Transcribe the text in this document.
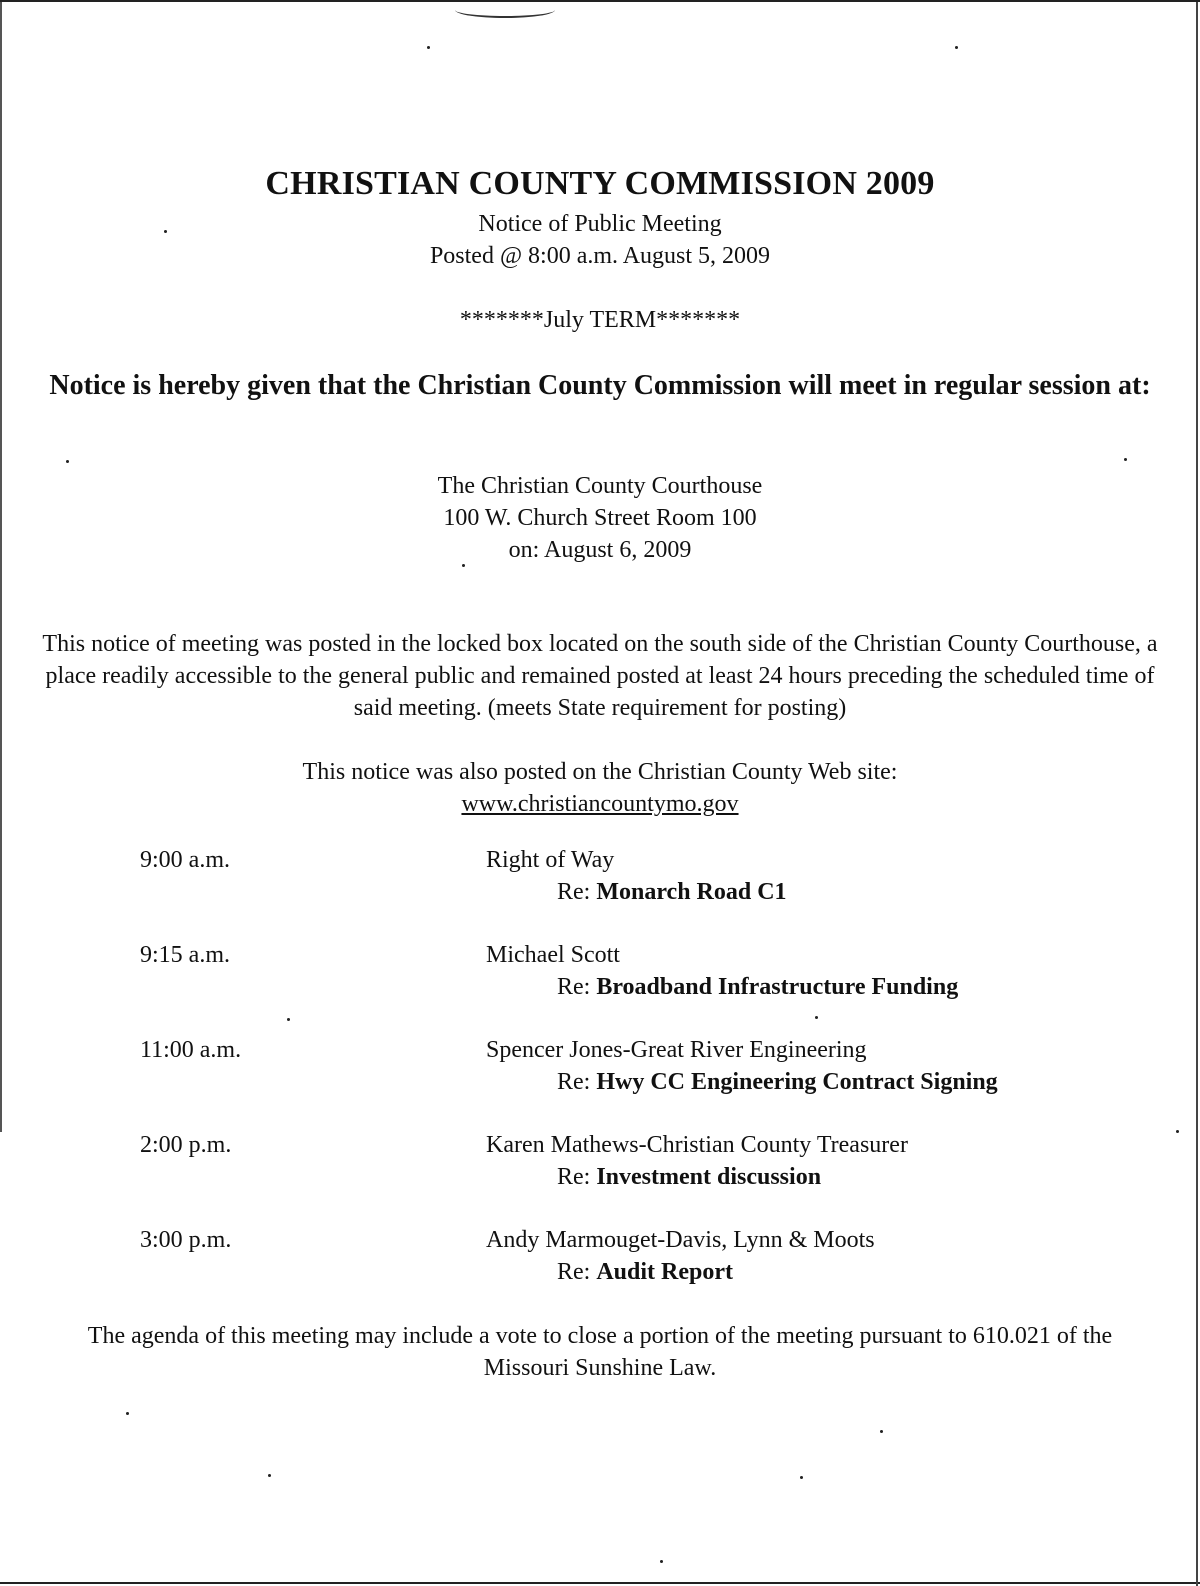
CHRISTIAN COUNTY COMMISSION 2009
Notice of Public Meeting
Posted @ 8:00 a.m. August 5, 2009
*******July TERM*******
Notice is hereby given that the Christian County Commission will meet in regular session at:
The Christian County Courthouse
100 W. Church Street Room 100
on: August 6, 2009
This notice of meeting was posted in the locked box located on the south side of the Christian County Courthouse, a place readily accessible to the general public and remained posted at least 24 hours preceding the scheduled time of said meeting. (meets State requirement for posting)
This notice was also posted on the Christian County Web site:
www.christiancountymo.gov
9:00 a.m.	Right of Way
Re: Monarch Road C1
9:15 a.m.	Michael Scott
Re: Broadband Infrastructure Funding
11:00 a.m.	Spencer Jones-Great River Engineering
Re: Hwy CC Engineering Contract Signing
2:00 p.m.	Karen Mathews-Christian County Treasurer
Re: Investment discussion
3:00 p.m.	Andy Marmouget-Davis, Lynn & Moots
Re: Audit Report
The agenda of this meeting may include a vote to close a portion of the meeting pursuant to 610.021 of the Missouri Sunshine Law.
